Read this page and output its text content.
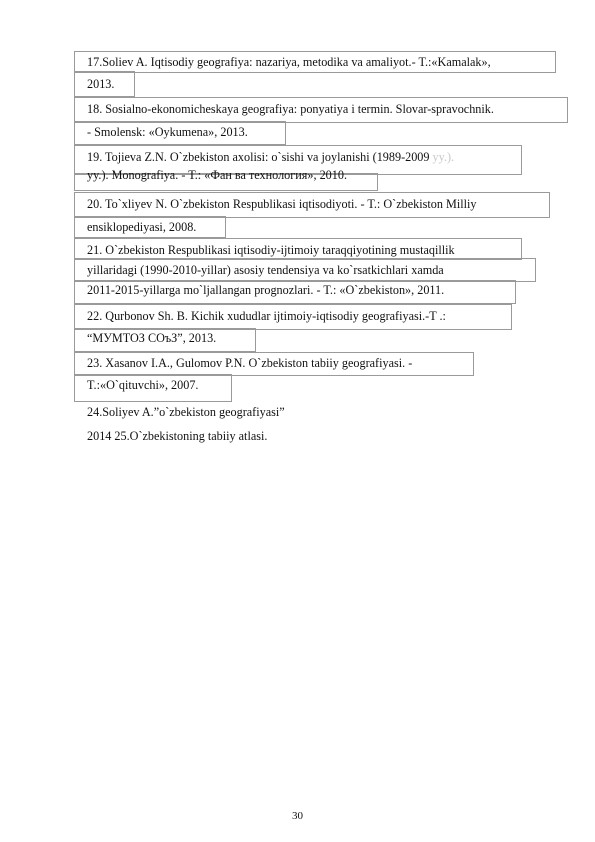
17.Soliev A. Iqtisodiy geografiya: nazariya, metodika va amaliyot.- T.:«Kamalak»,
2013.
18. Sosialno-ekonomicheskaya geografiya: ponyatiya i termin. Slovar-spravochnik.
- Smolensk: «Oykumena», 2013.
19. Tojieva Z.N. O`zbekiston axolisi: o`sishi va joylanishi (1989-2009 yy.).
yy.). Monografiya. - T.: «Фан ва технология», 2010.
20. To`xliyev N. O`zbekiston Respublikasi iqtisodiyoti. - T.: O`zbekiston Milliy
ensiklopediyasi, 2008.
21. O`zbekiston Respublikasi iqtisodiy-ijtimoiy taraqqiyotining mustaqillik
yillaridagi (1990-2010-yillar) asosiy tendensiya va ko`rsatkichlari xamda
2011-2015-yillarga mo`ljallangan prognozlari. - T.: «O`zbekiston», 2011.
22. Qurbonov Sh. B. Kichik xududlar ijtimoiy-iqtisodiy geografiyasi.-T .:
“МУМТОЗ СОъЗ”, 2013.
23. Xasanov I.A., Gulomov P.N. O`zbekiston tabiiy geografiyasi. -
T.:«O`qituvchi», 2007.
24.Soliyev A.”o`zbekiston geografiyasi”
2014 25.O`zbekistoning tabiiy atlasi.
30
